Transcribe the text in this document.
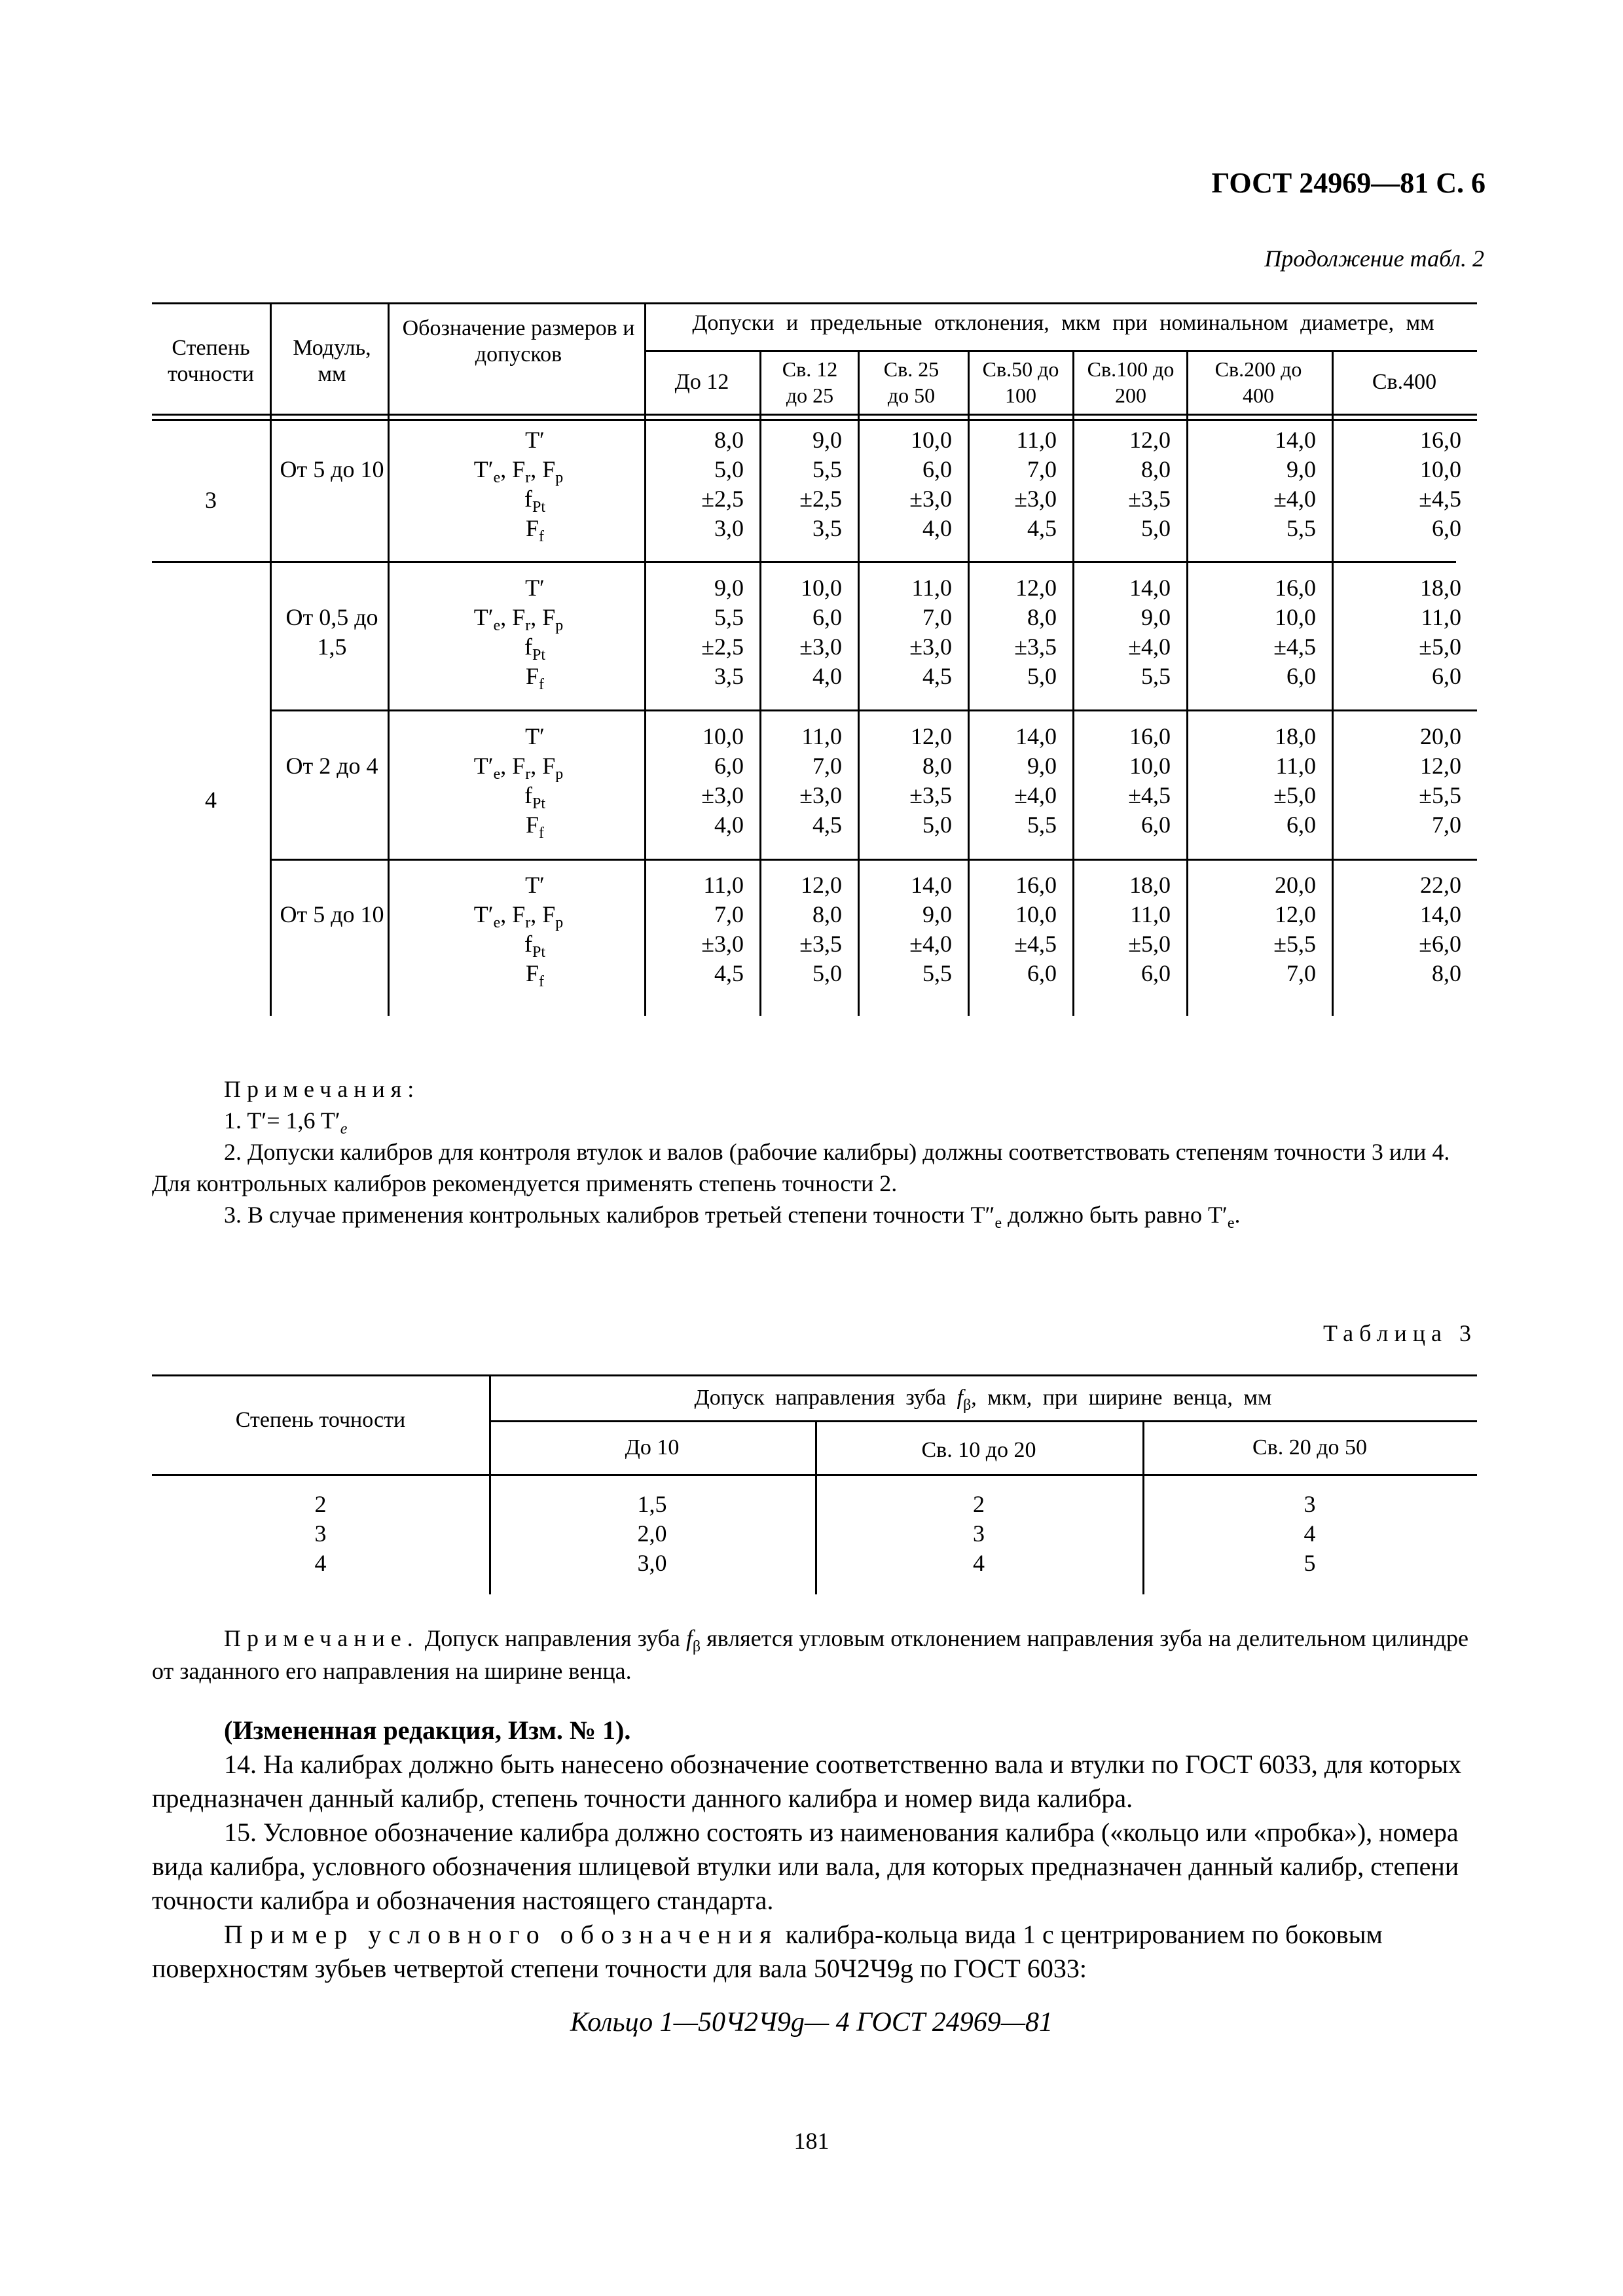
ГОСТ 24969—81 С. 6
Продолжение табл. 2
Степень точности
Модуль, мм
Обозначение размеров и допусков
Допуски и предельные отклонения, мкм при номинальном диаметре, мм
До 12
Св. 12 до 25
Св. 25 до 50
Св.50 до 100
Св.100 до 200
Св.200 до 400
Св.400
3
4
От 5 до 10
T′
$T'_e$, $F_r$, $F_p$
$f_{Pt}$
$F_f$
8,0
5,0
±2,5
3,0
9,0
5,5
±2,5
3,5
10,0
6,0
±3,0
4,0
11,0
7,0
±3,0
4,5
12,0
8,0
±3,5
5,0
14,0
9,0
±4,0
5,5
16,0
10,0
±4,5
6,0
От 0,5 до 1,5
T′
$T'_e$, $F_r$, $F_p$
$f_{Pt}$
$F_f$
9,0
5,5
±2,5
3,5
10,0
6,0
±3,0
4,0
11,0
7,0
±3,0
4,5
12,0
8,0
±3,5
5,0
14,0
9,0
±4,0
5,5
16,0
10,0
±4,5
6,0
18,0
11,0
±5,0
6,0
От 2 до 4
T′
$T'_e$, $F_r$, $F_p$
$f_{Pt}$
$F_f$
10,0
6,0
±3,0
4,0
11,0
7,0
±3,0
4,5
12,0
8,0
±3,5
5,0
14,0
9,0
±4,0
5,5
16,0
10,0
±4,5
6,0
18,0
11,0
±5,0
6,0
20,0
12,0
±5,5
7,0
От 5 до 10
T′
$T'_e$, $F_r$, $F_p$
$f_{Pt}$
$F_f$
11,0
7,0
±3,0
4,5
12,0
8,0
±3,5
5,0
14,0
9,0
±4,0
5,5
16,0
10,0
±4,5
6,0
18,0
11,0
±5,0
6,0
20,0
12,0
±5,5
7,0
22,0
14,0
±6,0
8,0

Примечания:

1. T′= 1,6 $T'_e$

2. Допуски калибров для контроля втулок и валов (рабочие калибры) должны соответствовать степеням точности 3 или 4. Для контрольных калибров рекомендуется применять степень точности 2.

3. В случае применения контрольных калибров третьей степени точности $T''_e$ должно быть равно $T'_e$.

Таблица 3
Степень точности
Допуск направления зуба $f_\beta$, мкм, при ширине венца, мм
До 10	Св. 10 до 20	Св. 20 до 50
2
3
4
1,5
2,0
3,0
2
3
4
3
4
5

Примечание. Допуск направления зуба $f_\beta$ является угловым отклонением направления зуба на делительном цилиндре от заданного его направления на ширине венца.

(Измененная редакция, Изм. № 1).

14. На калибрах должно быть нанесено обозначение соответственно вала и втулки по ГОСТ 6033, для которых предназначен данный калибр, степень точности данного калибра и номер вида калибра.

15. Условное обозначение калибра должно состоять из наименования калибра («кольцо или «пробка»), номера вида калибра, условного обозначения шлицевой втулки или вала, для которых предназначен данный калибр, степени точности калибра и обозначения настоящего стандарта.

Пример условного обозначения калибра-кольца вида 1 с центрированием по боковым поверхностям зубьев четвертой степени точности для вала 50Ч2Ч9g по ГОСТ 6033:

Кольцо 1—50Ч2Ч9g— 4 ГОСТ 24969—81
181
